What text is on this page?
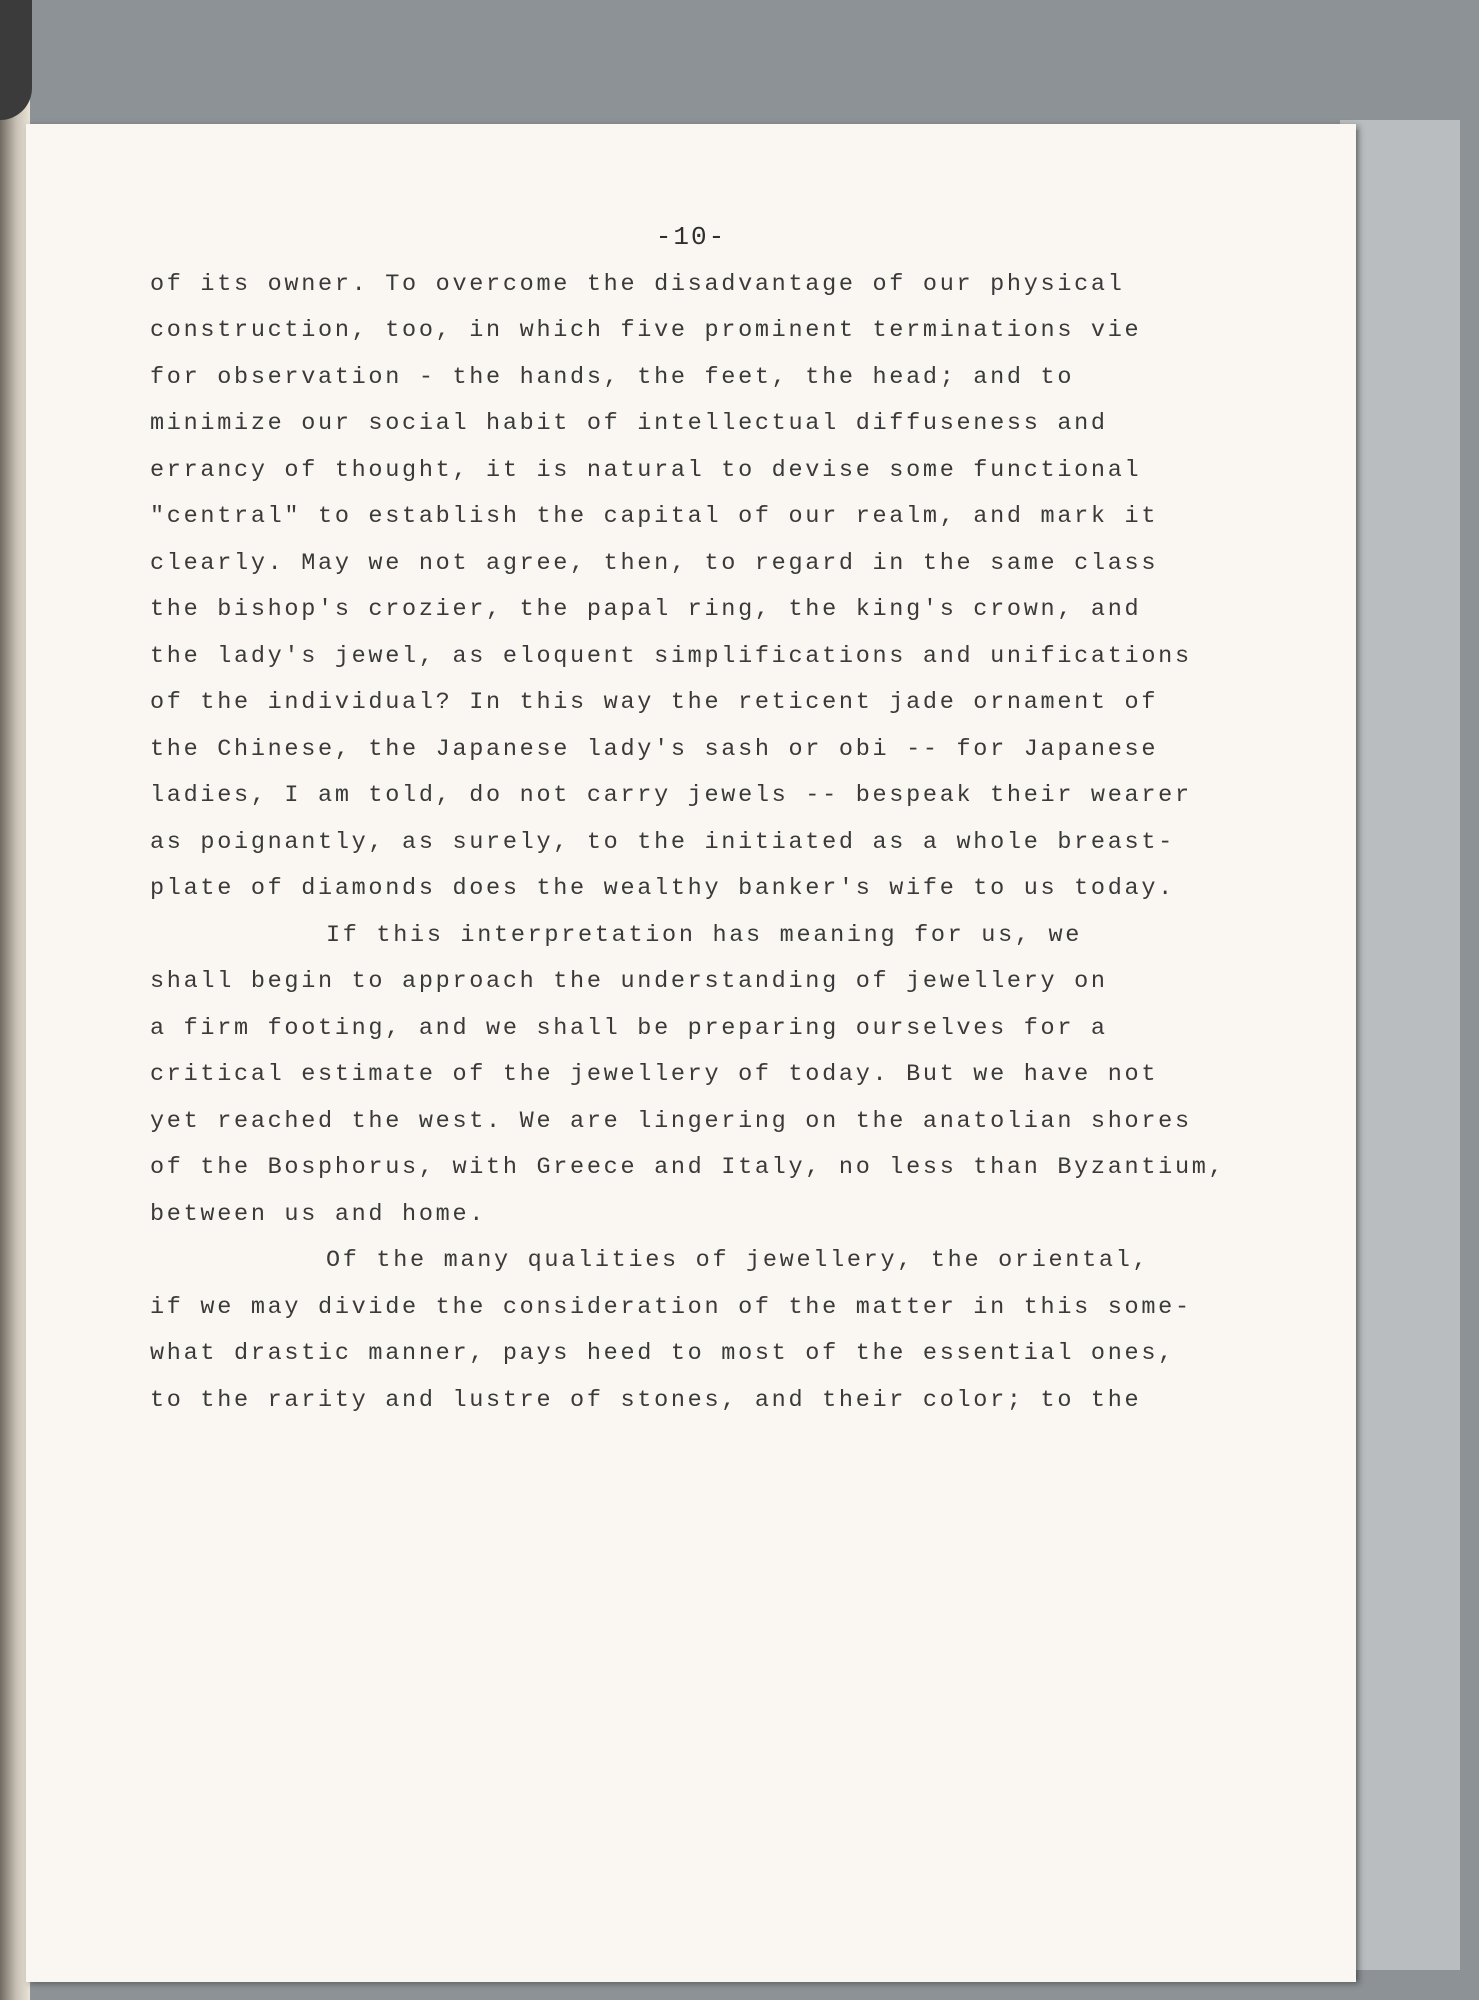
-10-
of its owner. To overcome the disadvantage of our physical
construction, too, in which five prominent terminations vie
for observation - the hands, the feet, the head; and to
minimize our social habit of intellectual diffuseness and
errancy of thought, it is natural to devise some functional
"central" to establish the capital of our realm, and mark it
clearly. May we not agree, then, to regard in the same class
the bishop's crozier, the papal ring, the king's crown, and
the lady's jewel, as eloquent simplifications and unifications
of the individual? In this way the reticent jade ornament of
the Chinese, the Japanese lady's sash or obi -- for Japanese
ladies, I am told, do not carry jewels -- bespeak their wearer
as poignantly, as surely, to the initiated as a whole breast-
plate of diamonds does the wealthy banker's wife to us today.
If this interpretation has meaning for us, we
shall begin to approach the understanding of jewellery on
a firm footing, and we shall be preparing ourselves for a
critical estimate of the jewellery of today. But we have not
yet reached the west. We are lingering on the anatolian shores
of the Bosphorus, with Greece and Italy, no less than Byzantium,
between us and home.
Of the many qualities of jewellery, the oriental,
if we may divide the consideration of the matter in this some-
what drastic manner, pays heed to most of the essential ones,
to the rarity and lustre of stones, and their color; to the
